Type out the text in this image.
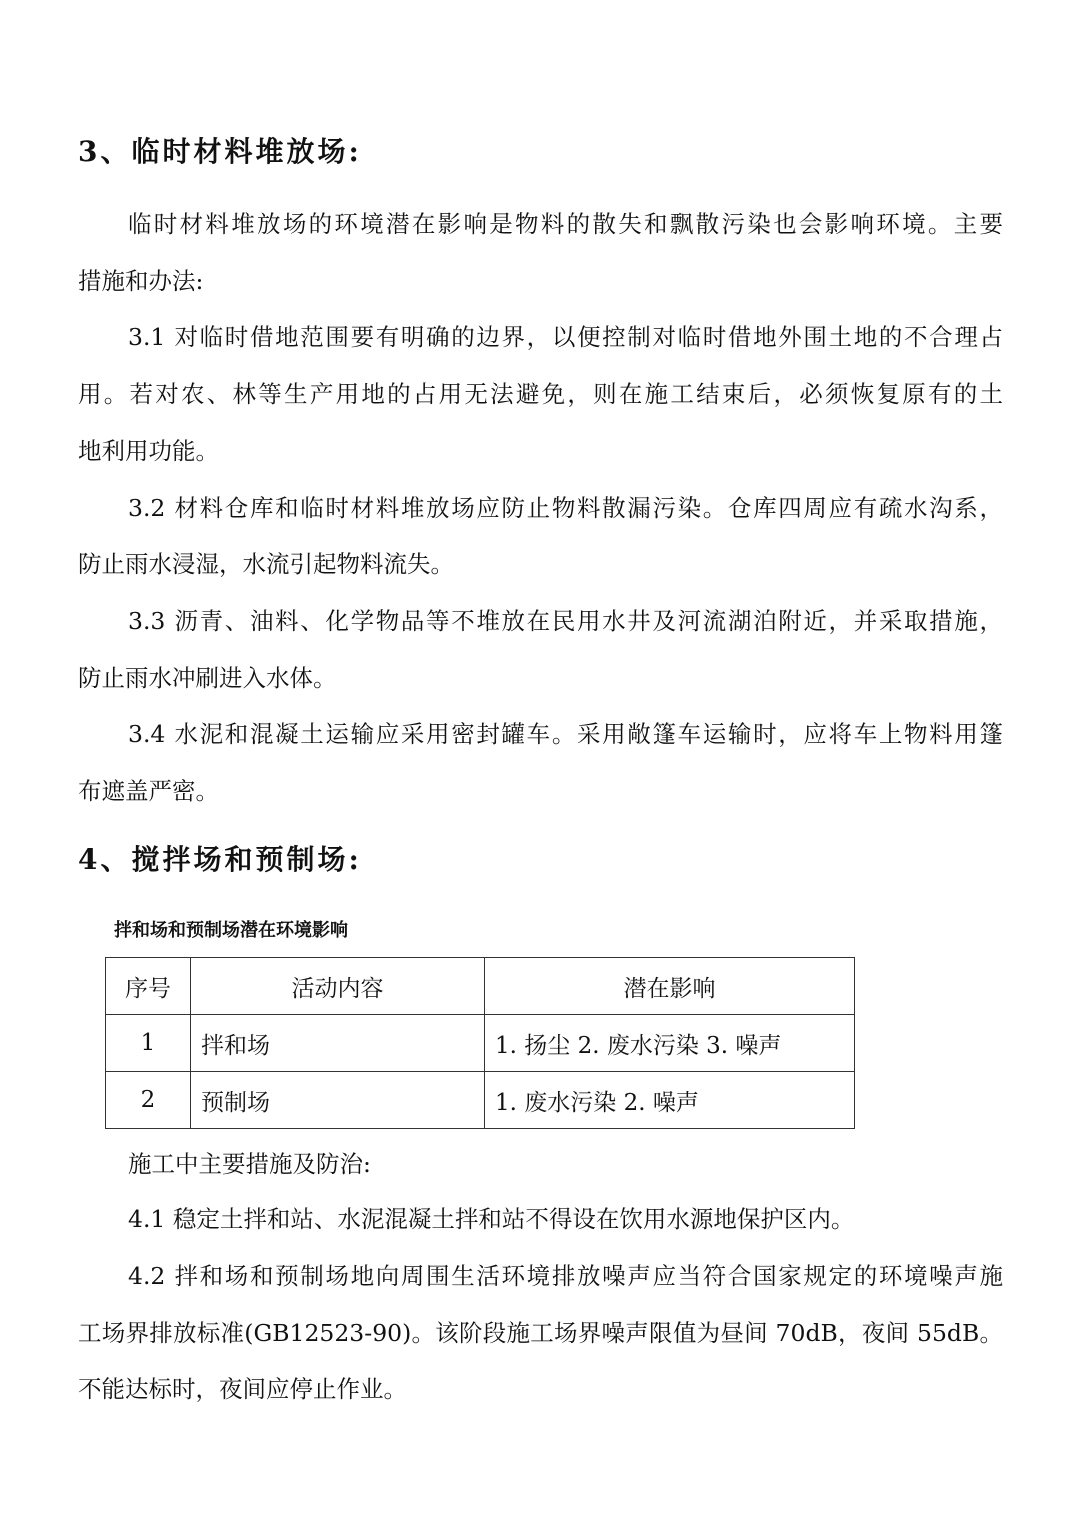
3、临时材料堆放场:
临时材料堆放场的环境潜在影响是物料的散失和飘散污染也会影响环境。主要
措施和办法:
3.1 对临时借地范围要有明确的边界，以便控制对临时借地外围土地的不合理占
用。若对农、林等生产用地的占用无法避免，则在施工结束后，必须恢复原有的土
地利用功能。
3.2 材料仓库和临时材料堆放场应防止物料散漏污染。仓库四周应有疏水沟系，
防止雨水浸湿，水流引起物料流失。
3.3 沥青、油料、化学物品等不堆放在民用水井及河流湖泊附近，并采取措施，
防止雨水冲刷进入水体。
3.4 水泥和混凝土运输应采用密封罐车。采用敞篷车运输时，应将车上物料用篷
布遮盖严密。
4、搅拌场和预制场:
拌和场和预制场潜在环境影响
序号	活动内容	潜在影响
1	拌和场	1. 扬尘 2. 废水污染 3. 噪声
2	预制场	1. 废水污染 2. 噪声
施工中主要措施及防治:
4.1 稳定土拌和站、水泥混凝土拌和站不得设在饮用水源地保护区内。
4.2 拌和场和预制场地向周围生活环境排放噪声应当符合国家规定的环境噪声施
工场界排放标准(GB12523-90)。该阶段施工场界噪声限值为昼间 70dB，夜间 55dB。
不能达标时，夜间应停止作业。
